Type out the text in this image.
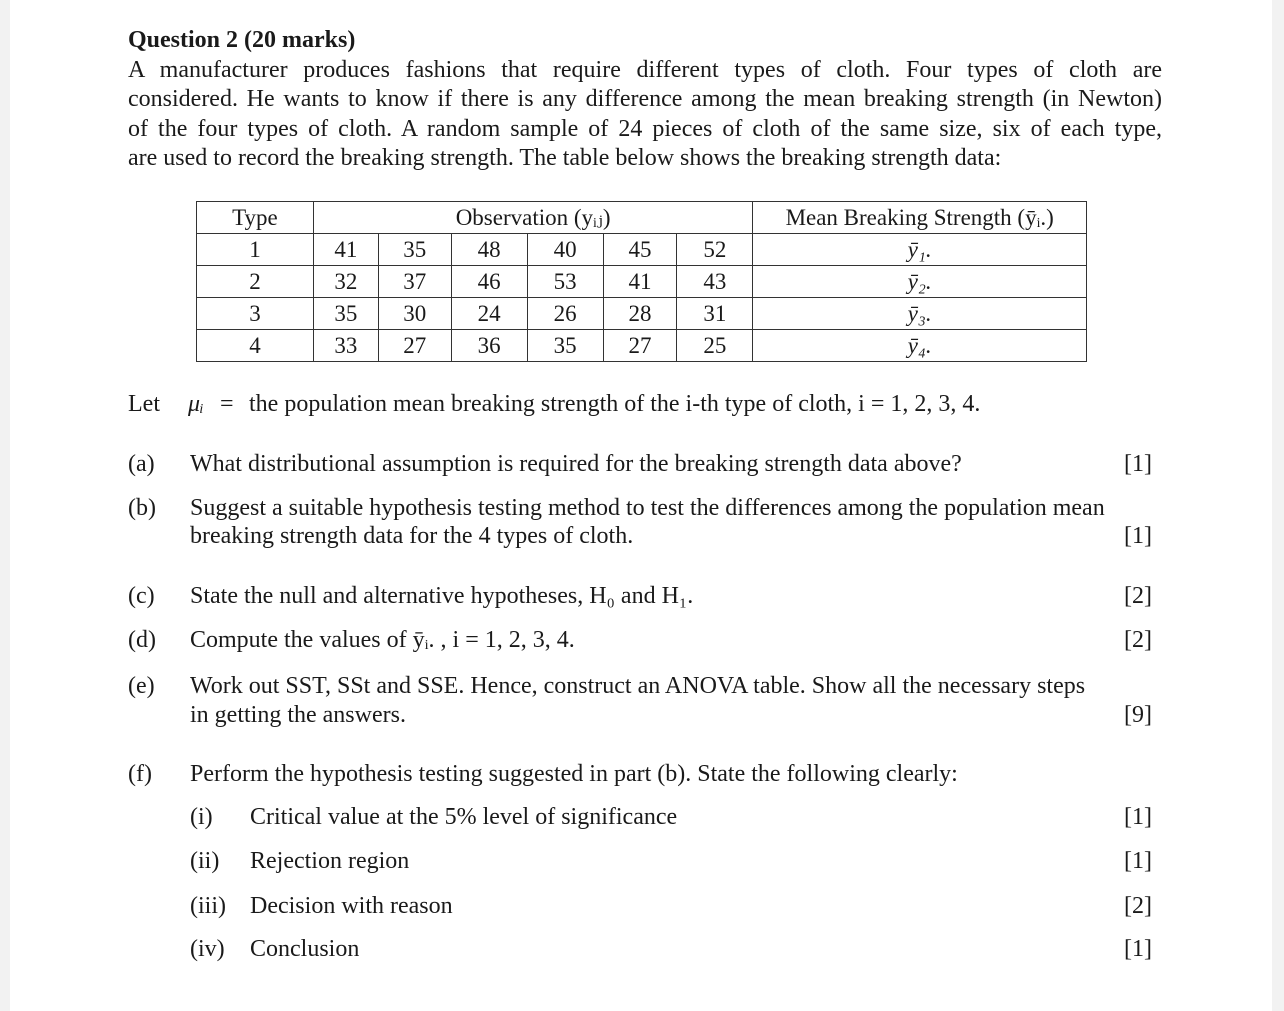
Question 2 (20 marks)
A manufacturer produces fashions that require different types of cloth. Four types of cloth are
considered. He wants to know if there is any difference among the mean breaking strength (in Newton)
of the four types of cloth. A random sample of 24 pieces of cloth of the same size, six of each type,
are used to record the breaking strength. The table below shows the breaking strength data:
Type	Observation (yᵢⱼ)						Mean Breaking Strength (ȳᵢ.)
1	41	35	48	40	45	52	ȳ₁.
2	32	37	46	53	41	43	ȳ₂.
3	35	30	24	26	28	31	ȳ₃.
4	33	27	36	35	27	25	ȳ₄.
Let μᵢ = the population mean breaking strength of the i-th type of cloth, i = 1, 2, 3, 4.
(a) What distributional assumption is required for the breaking strength data above?	[1]
(b) Suggest a suitable hypothesis testing method to test the differences among the population mean
breaking strength data for the 4 types of cloth.	[1]
(c) State the null and alternative hypotheses, H₀ and H₁.	[2]
(d) Compute the values of ȳᵢ. , i = 1, 2, 3, 4.	[2]
(e) Work out SST, SSt and SSE. Hence, construct an ANOVA table. Show all the necessary steps
in getting the answers.	[9]
(f) Perform the hypothesis testing suggested in part (b). State the following clearly:
(i) Critical value at the 5% level of significance	[1]
(ii) Rejection region	[1]
(iii) Decision with reason	[2]
(iv) Conclusion	[1]
